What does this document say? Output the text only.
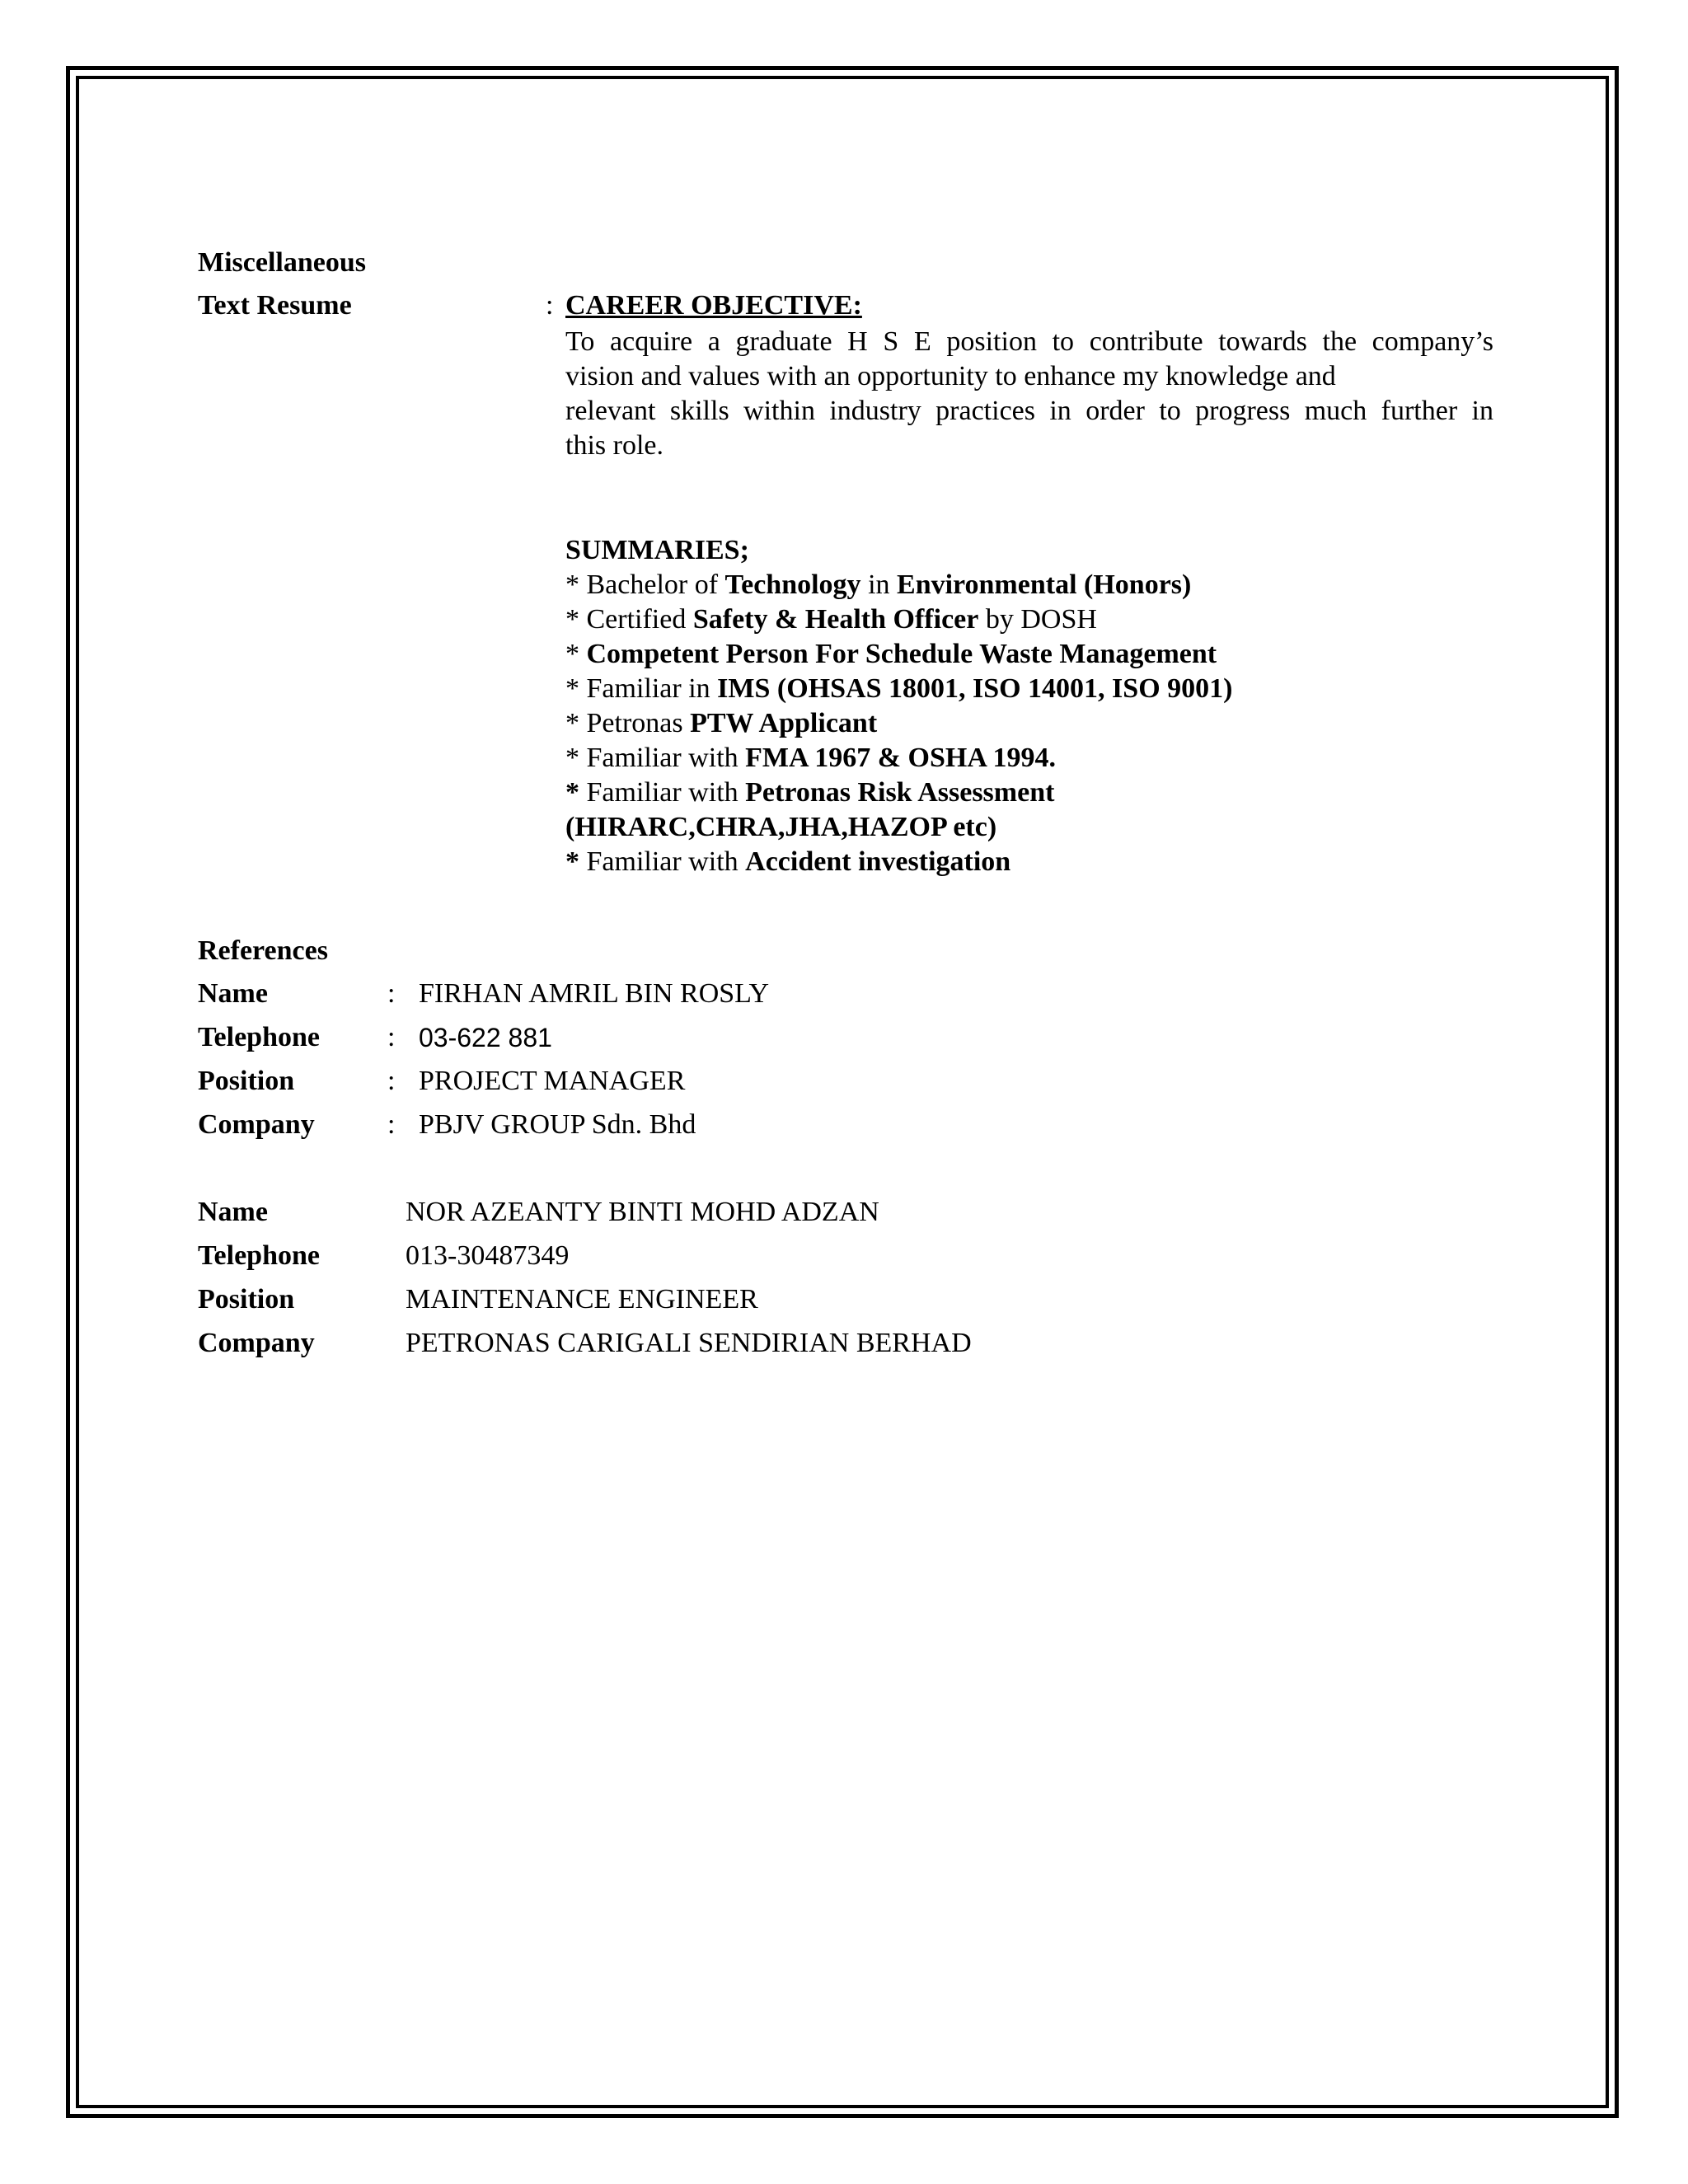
Miscellaneous
Text Resume	: CAREER OBJECTIVE:
To acquire a graduate H S E position to contribute towards the company’s
vision and values with an opportunity to enhance my knowledge and
relevant skills within industry practices in order to progress much further in
this role.
SUMMARIES;
* Bachelor of Technology in Environmental (Honors)
* Certified Safety & Health Officer by DOSH
* Competent Person For Schedule Waste Management
* Familiar in IMS (OHSAS 18001, ISO 14001, ISO 9001)
* Petronas PTW Applicant
* Familiar with FMA 1967 & OSHA 1994.
* Familiar with Petronas Risk Assessment
(HIRARC,CHRA,JHA,HAZOP etc)
* Familiar with Accident investigation
References
Name	: FIRHAN AMRIL BIN ROSLY
Telephone : 03-622 881
Position	: PROJECT MANAGER
Company	: PBJV GROUP Sdn. Bhd
Name	NOR AZEANTY BINTI MOHD ADZAN
Telephone	013-30487349
Position	MAINTENANCE ENGINEER
Company	PETRONAS CARIGALI SENDIRIAN BERHAD
